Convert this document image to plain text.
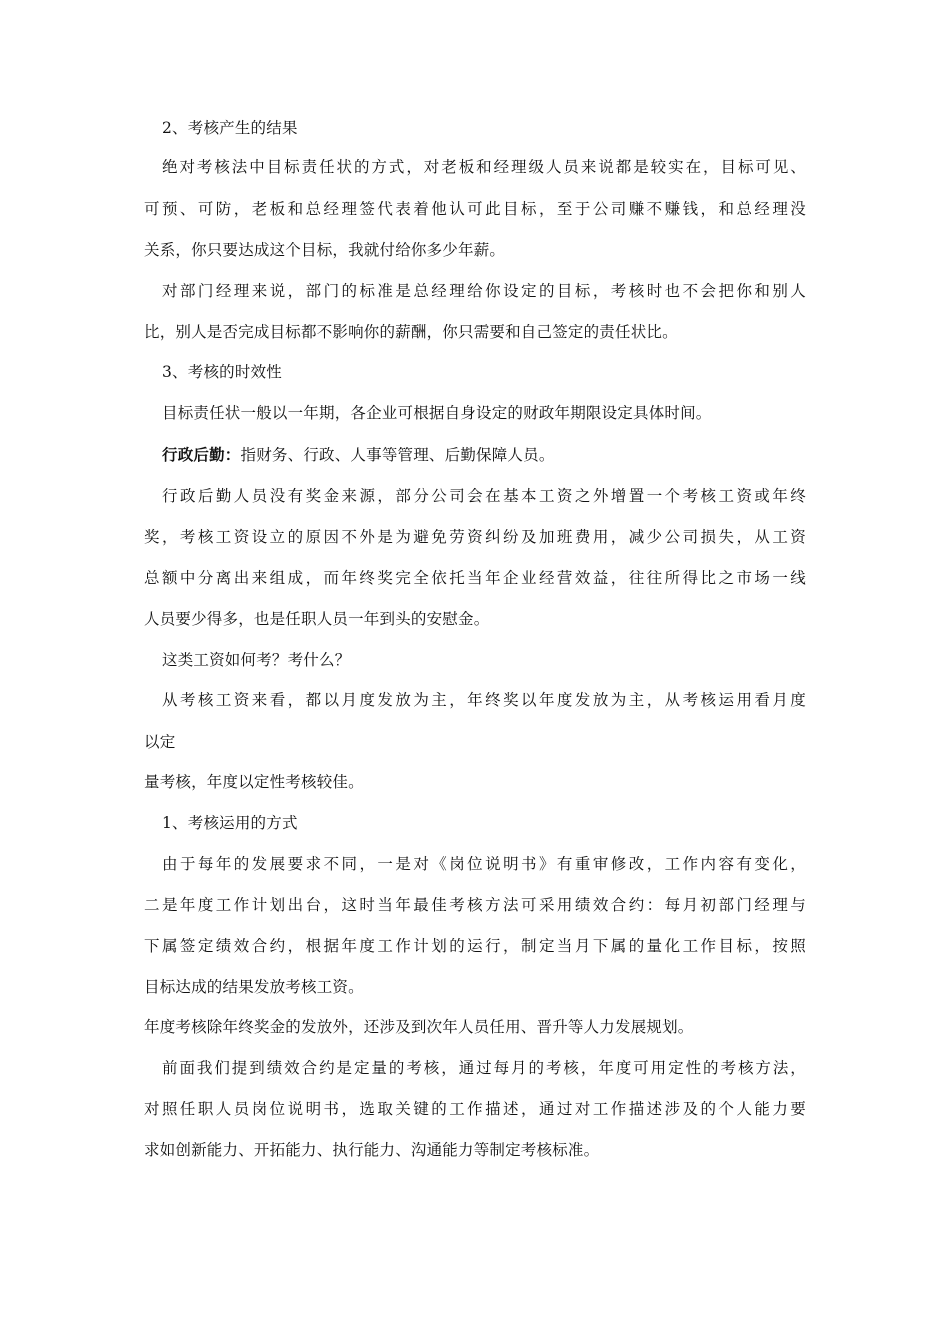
2、考核产生的结果
绝对考核法中目标责任状的方式，对老板和经理级人员来说都是较实在，目标可见、
可预、可防，老板和总经理签代表着他认可此目标，至于公司赚不赚钱，和总经理没
关系，你只要达成这个目标，我就付给你多少年薪。
对部门经理来说，部门的标准是总经理给你设定的目标，考核时也不会把你和别人
比，别人是否完成目标都不影响你的薪酬，你只需要和自己签定的责任状比。
3、考核的时效性
目标责任状一般以一年期，各企业可根据自身设定的财政年期限设定具体时间。
行政后勤：指财务、行政、人事等管理、后勤保障人员。
行政后勤人员没有奖金来源，部分公司会在基本工资之外增置一个考核工资或年终
奖，考核工资设立的原因不外是为避免劳资纠纷及加班费用，减少公司损失，从工资
总额中分离出来组成，而年终奖完全依托当年企业经营效益，往往所得比之市场一线
人员要少得多，也是任职人员一年到头的安慰金。
这类工资如何考？考什么？
从考核工资来看，都以月度发放为主，年终奖以年度发放为主，从考核运用看月度
以定
量考核，年度以定性考核较佳。
1、考核运用的方式
由于每年的发展要求不同，一是对《岗位说明书》有重审修改，工作内容有变化，
二是年度工作计划出台，这时当年最佳考核方法可采用绩效合约：每月初部门经理与
下属签定绩效合约，根据年度工作计划的运行，制定当月下属的量化工作目标，按照
目标达成的结果发放考核工资。
年度考核除年终奖金的发放外，还涉及到次年人员任用、晋升等人力发展规划。
前面我们提到绩效合约是定量的考核，通过每月的考核，年度可用定性的考核方法，
对照任职人员岗位说明书，选取关键的工作描述，通过对工作描述涉及的个人能力要
求如创新能力、开拓能力、执行能力、沟通能力等制定考核标准。
